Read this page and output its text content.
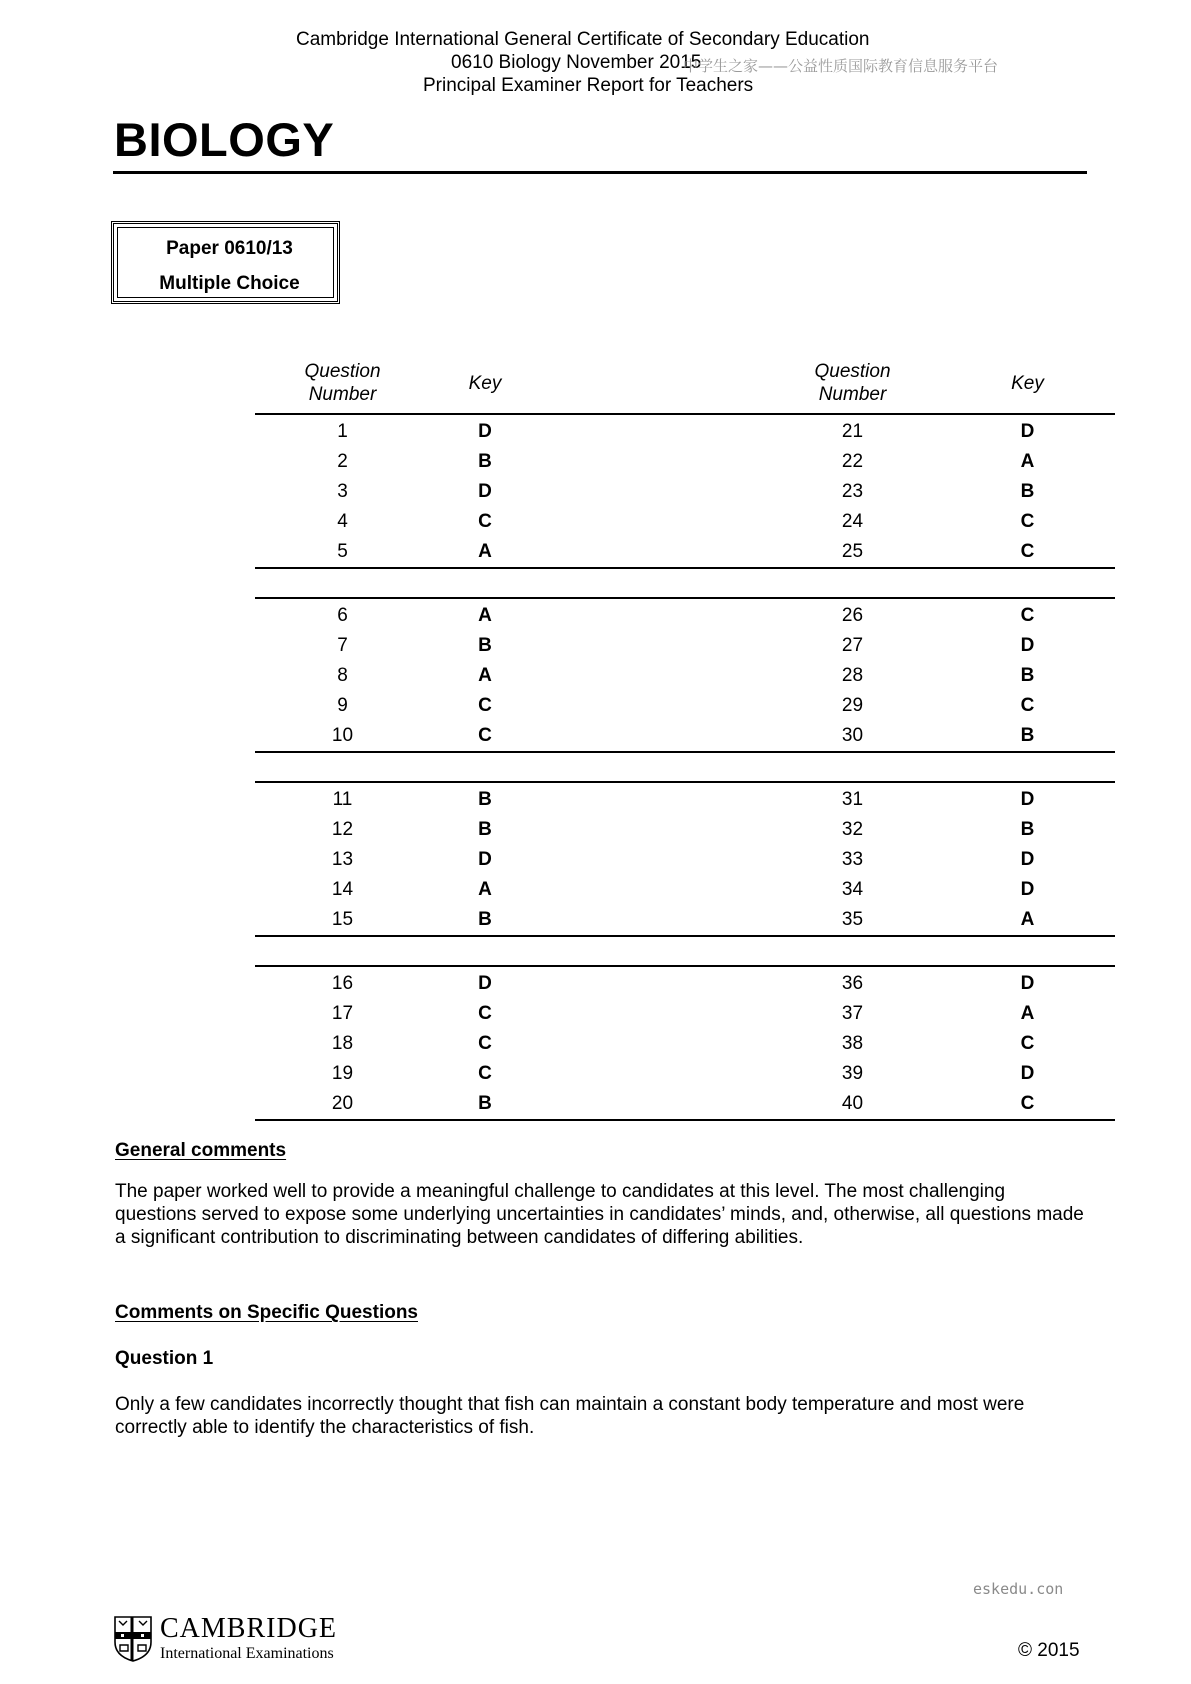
Cambridge International General Certificate of Secondary Education
0610 Biology November 2015
Principal Examiner Report for Teachers
中学生之家——公益性质国际教育信息服务平台
BIOLOGY
Paper 0610/13
Multiple Choice
Question
Number	Key		Question
Number	Key
1	D		21	D
2	B		22	A
3	D		23	B
4	C		24	C
5	A		25	C

6	A		26	C
7	B		27	D
8	A		28	B
9	C		29	C
10	C		30	B

11	B		31	D
12	B		32	B
13	D		33	D
14	A		34	D
15	B		35	A

16	D		36	D
17	C		37	A
18	C		38	C
19	C		39	D
20	B		40	C
General comments
The paper worked well to provide a meaningful challenge to candidates at this level. The most challenging questions served to expose some underlying uncertainties in candidates’ minds, and, otherwise, all questions made a significant contribution to discriminating between candidates of differing abilities.
Comments on Specific Questions
Question 1
Only a few candidates incorrectly thought that fish can maintain a constant body temperature and most were correctly able to identify the characteristics of fish.
eskedu.con
CAMBRIDGE
International Examinations	© 2015
